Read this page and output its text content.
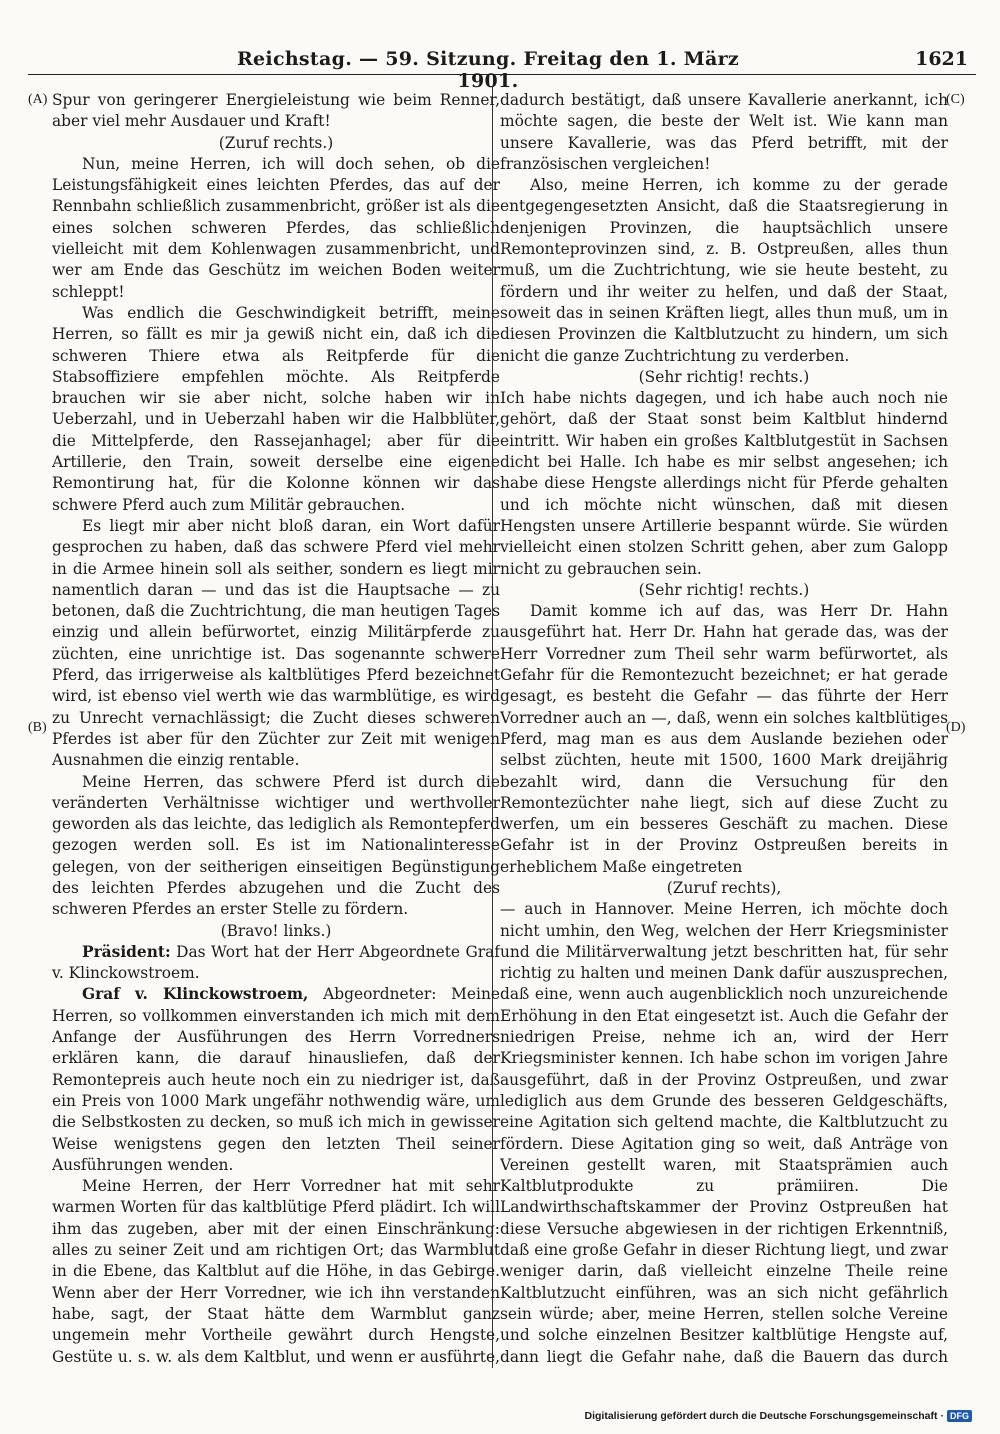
Reichstag. — 59. Sitzung. Freitag den 1. März 1901.
1621
(A)
(B)
(C)
(D)

Spur von geringerer Energieleistung wie beim Renner, aber viel mehr Ausdauer und Kraft!

(Zuruf rechts.)

Nun, meine Herren, ich will doch sehen, ob die Leistungsfähigkeit eines leichten Pferdes, das auf der Rennbahn schließlich zusammenbricht, größer ist als die eines solchen schweren Pferdes, das schließlich vielleicht mit dem Kohlenwagen zusammenbricht, und wer am Ende das Geschütz im weichen Boden weiter schleppt!

Was endlich die Geschwindigkeit betrifft, meine Herren, so fällt es mir ja gewiß nicht ein, daß ich die schweren Thiere etwa als Reitpferde für die Stabsoffiziere empfehlen möchte. Als Reitpferde brauchen wir sie aber nicht, solche haben wir in Ueberzahl, und in Ueberzahl haben wir die Halbblüter, die Mittelpferde, den Rassejanhagel; aber für die Artillerie, den Train, soweit derselbe eine eigene Remontirung hat, für die Kolonne können wir das schwere Pferd auch zum Militär gebrauchen.

Es liegt mir aber nicht bloß daran, ein Wort dafür gesprochen zu haben, daß das schwere Pferd viel mehr in die Armee hinein soll als seither, sondern es liegt mir namentlich daran — und das ist die Hauptsache — zu betonen, daß die Zuchtrichtung, die man heutigen Tages einzig und allein befürwortet, einzig Militärpferde zu züchten, eine unrichtige ist. Das sogenannte schwere Pferd, das irrigerweise als kaltblütiges Pferd bezeichnet wird, ist ebenso viel werth wie das warmblütige, es wird zu Unrecht vernachlässigt; die Zucht dieses schweren Pferdes ist aber für den Züchter zur Zeit mit wenigen Ausnahmen die einzig rentable.

Meine Herren, das schwere Pferd ist durch die veränderten Verhältnisse wichtiger und werthvoller geworden als das leichte, das lediglich als Remontepferd gezogen werden soll. Es ist im Nationalinteresse gelegen, von der seitherigen einseitigen Begünstigung des leichten Pferdes abzugehen und die Zucht des schweren Pferdes an erster Stelle zu fördern.

(Bravo! links.)

Präsident: Das Wort hat der Herr Abgeordnete Graf v. Klinckowstroem.

Graf v. Klinckowstroem, Abgeordneter: Meine Herren, so vollkommen einverstanden ich mich mit dem Anfange der Ausführungen des Herrn Vorredners erklären kann, die darauf hinausliefen, daß der Remontepreis auch heute noch ein zu niedriger ist, daß ein Preis von 1000 Mark ungefähr nothwendig wäre, um die Selbstkosten zu decken, so muß ich mich in gewisser Weise wenigstens gegen den letzten Theil seiner Ausführungen wenden.

Meine Herren, der Herr Vorredner hat mit sehr warmen Worten für das kaltblütige Pferd plädirt. Ich will ihm das zugeben, aber mit der einen Einschränkung: alles zu seiner Zeit und am richtigen Ort; das Warmblut in die Ebene, das Kaltblut auf die Höhe, in das Gebirge. Wenn aber der Herr Vorredner, wie ich ihn verstanden habe, sagt, der Staat hätte dem Warmblut ganz ungemein mehr Vortheile gewährt durch Hengste, Gestüte u. s. w. als dem Kaltblut, und wenn er ausführte,

dadurch bestätigt, daß unsere Kavallerie anerkannt, ich möchte sagen, die beste der Welt ist. Wie kann man unsere Kavallerie, was das Pferd betrifft, mit der französischen vergleichen!

Also, meine Herren, ich komme zu der gerade entgegengesetzten Ansicht, daß die Staatsregierung in denjenigen Provinzen, die hauptsächlich unsere Remonteprovinzen sind, z. B. Ostpreußen, alles thun muß, um die Zuchtrichtung, wie sie heute besteht, zu fördern und ihr weiter zu helfen, und daß der Staat, soweit das in seinen Kräften liegt, alles thun muß, um in diesen Provinzen die Kaltblutzucht zu hindern, um sich nicht die ganze Zuchtrichtung zu verderben.

(Sehr richtig! rechts.)

Ich habe nichts dagegen, und ich habe auch noch nie gehört, daß der Staat sonst beim Kaltblut hindernd eintritt. Wir haben ein großes Kaltblutgestüt in Sachsen dicht bei Halle. Ich habe es mir selbst angesehen; ich habe diese Hengste allerdings nicht für Pferde gehalten und ich möchte nicht wünschen, daß mit diesen Hengsten unsere Artillerie bespannt würde. Sie würden vielleicht einen stolzen Schritt gehen, aber zum Galopp nicht zu gebrauchen sein.

(Sehr richtig! rechts.)

Damit komme ich auf das, was Herr Dr. Hahn ausgeführt hat. Herr Dr. Hahn hat gerade das, was der Herr Vorredner zum Theil sehr warm befürwortet, als Gefahr für die Remontezucht bezeichnet; er hat gerade gesagt, es besteht die Gefahr — das führte der Herr Vorredner auch an —, daß, wenn ein solches kaltblütiges Pferd, mag man es aus dem Auslande beziehen oder selbst züchten, heute mit 1500, 1600 Mark dreijährig bezahlt wird, dann die Versuchung für den Remontezüchter nahe liegt, sich auf diese Zucht zu werfen, um ein besseres Geschäft zu machen. Diese Gefahr ist in der Provinz Ostpreußen bereits in erheblichem Maße eingetreten

(Zuruf rechts),

— auch in Hannover. Meine Herren, ich möchte doch nicht umhin, den Weg, welchen der Herr Kriegsminister und die Militärverwaltung jetzt beschritten hat, für sehr richtig zu halten und meinen Dank dafür auszusprechen, daß eine, wenn auch augenblicklich noch unzureichende Erhöhung in den Etat eingesetzt ist. Auch die Gefahr der niedrigen Preise, nehme ich an, wird der Herr Kriegsminister kennen. Ich habe schon im vorigen Jahre ausgeführt, daß in der Provinz Ostpreußen, und zwar lediglich aus dem Grunde des besseren Geldgeschäfts, eine Agitation sich geltend machte, die Kaltblutzucht zu fördern. Diese Agitation ging so weit, daß Anträge von Vereinen gestellt waren, mit Staatsprämien auch Kaltblutprodukte zu prämiiren. Die Landwirthschaftskammer der Provinz Ostpreußen hat diese Versuche abgewiesen in der richtigen Erkenntniß, daß eine große Gefahr in dieser Richtung liegt, und zwar weniger darin, daß vielleicht einzelne Theile reine Kaltblutzucht einführen, was an sich nicht gefährlich sein würde; aber, meine Herren, stellen solche Vereine und solche einzelnen Besitzer kaltblütige Hengste auf, dann liegt die Gefahr nahe, daß die Bauern das durch

Digitalisierung gefördert durch die Deutsche Forschungsgemeinschaft · DFG
